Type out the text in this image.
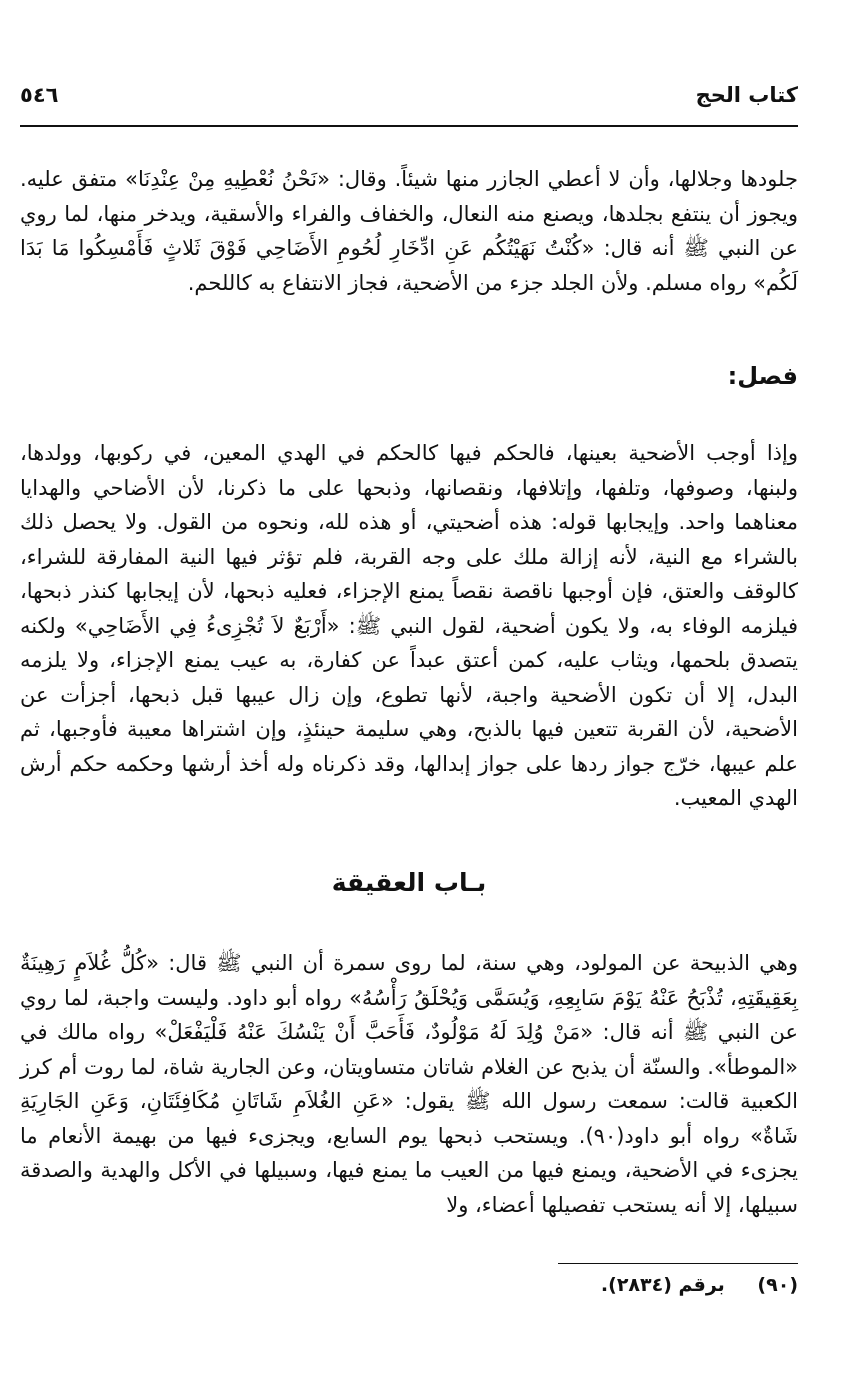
كتاب الحج
٥٤٦

جلودها وجلالها، وأن لا أعطي الجازر منها شيئاً. وقال: «نَحْنُ نُعْطِيهِ مِنْ عِنْدِنَا» متفق عليه. ويجوز أن ينتفع بجلدها، ويصنع منه النعال، والخفاف والفراء والأسقية، ويدخر منها، لما روي عن النبي ﷺ أنه قال: «كُنْتُ نَهَيْتُكُم عَنِ ادِّخَارِ لُحُومِ الأَضَاحِي فَوْقَ ثَلاثٍ فَأَمْسِكُوا مَا بَدَا لَكُم» رواه مسلم. ولأن الجلد جزء من الأضحية، فجاز الانتفاع به كاللحم.

فصل:

وإذا أوجب الأضحية بعينها، فالحكم فيها كالحكم في الهدي المعين، في ركوبها، وولدها، ولبنها، وصوفها، وتلفها، وإتلافها، ونقصانها، وذبحها على ما ذكرنا، لأن الأضاحي والهدايا معناهما واحد. وإيجابها قوله: هذه أضحيتي، أو هذه لله، ونحوه من القول. ولا يحصل ذلك بالشراء مع النية، لأنه إزالة ملك على وجه القربة، فلم تؤثر فيها النية المفارقة للشراء، كالوقف والعتق، فإن أوجبها ناقصة نقصاً يمنع الإجزاء، فعليه ذبحها، لأن إيجابها كنذر ذبحها، فيلزمه الوفاء به، ولا يكون أضحية، لقول النبي ﷺ: «أَرْبَعٌ لاَ تُجْزِىءُ فِي الأَضَاحِي» ولكنه يتصدق بلحمها، ويثاب عليه، كمن أعتق عبداً عن كفارة، به عيب يمنع الإجزاء، ولا يلزمه البدل، إلا أن تكون الأضحية واجبة، لأنها تطوع، وإن زال عيبها قبل ذبحها، أجزأت عن الأضحية، لأن القربة تتعين فيها بالذبح، وهي سليمة حينئذٍ، وإن اشتراها معيبة فأوجبها، ثم علم عيبها، خرّج جواز ردها على جواز إبدالها، وقد ذكرناه وله أخذ أرشها وحكمه حكم أرش الهدي المعيب.

بـاب العقيقة

وهي الذبيحة عن المولود، وهي سنة، لما روى سمرة أن النبي ﷺ قال: «كُلُّ غُلاَمٍ رَهِينَةٌ بِعَقِيقَتِهِ، تُذْبَحُ عَنْهُ يَوْمَ سَابِعِهِ، وَيُسَمَّى وَيُحْلَقُ رَأْسُهُ» رواه أبو داود. وليست واجبة، لما روي عن النبي ﷺ أنه قال: «مَنْ وُلِدَ لَهُ مَوْلُودٌ، فَأَحَبَّ أَنْ يَنْسُكَ عَنْهُ فَلْيَفْعَلْ» رواه مالك في «الموطأ». والسنّة أن يذبح عن الغلام شاتان متساويتان، وعن الجارية شاة، لما روت أم كرز الكعبية قالت: سمعت رسول الله ﷺ يقول: «عَنِ الغُلاَمِ شَاتَانِ مُكَافِئَتَانِ، وَعَنِ الجَارِيَةِ شَاةٌ» رواه أبو داود(٩٠). ويستحب ذبحها يوم السابع، ويجزىء فيها من بهيمة الأنعام ما يجزىء في الأضحية، ويمنع فيها من العيب ما يمنع فيها، وسبيلها في الأكل والهدية والصدقة سبيلها، إلا أنه يستحب تفصيلها أعضاء، ولا

(٩٠) برقم (٢٨٣٤).
